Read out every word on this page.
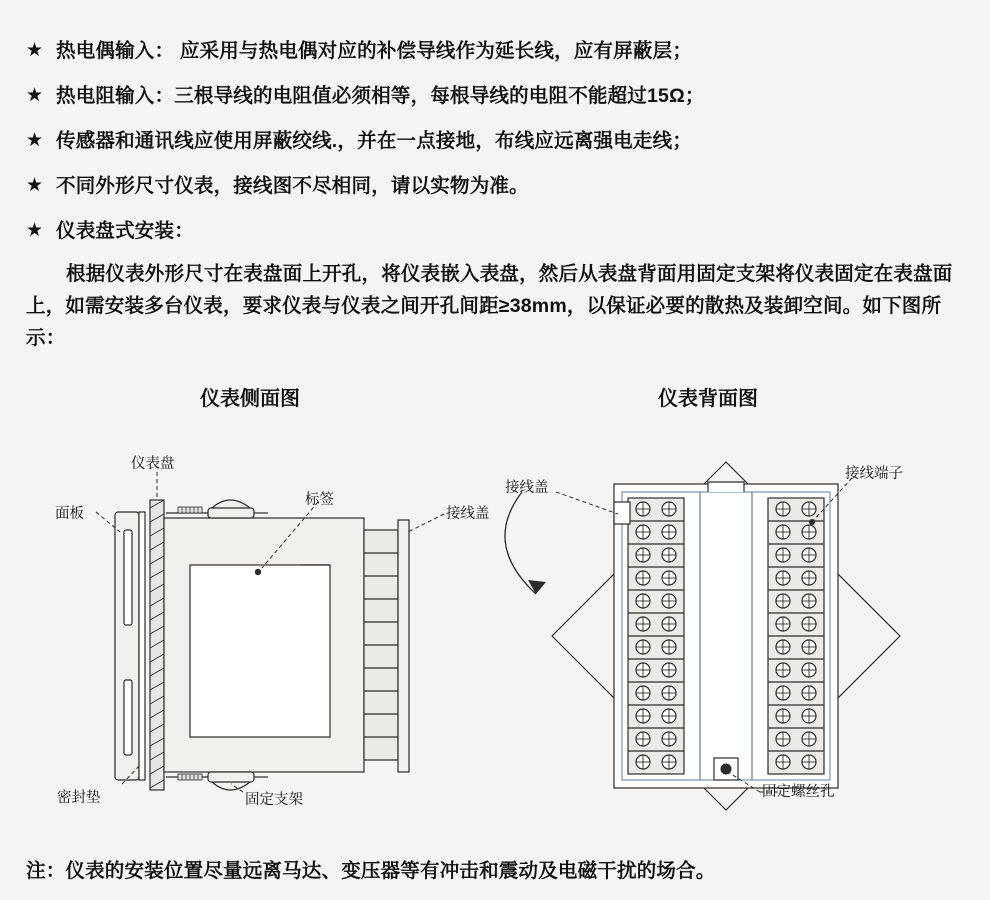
★ 热电偶输入： 应采用与热电偶对应的补偿导线作为延长线，应有屏蔽层；
★ 热电阻输入：三根导线的电阻值必须相等，每根导线的电阻不能超过15Ω；
★ 传感器和通讯线应使用屏蔽绞线.，并在一点接地，布线应远离强电走线；
★ 不同外形尺寸仪表，接线图不尽相同，请以实物为准。
★ 仪表盘式安装：
根据仪表外形尺寸在表盘面上开孔，将仪表嵌入表盘，然后从表盘背面用固定支架将仪表固定在表盘面上，如需安装多台仪表，要求仪表与仪表之间开孔间距≥38mm，以保证必要的散热及装卸空间。如下图所示：
仪表侧面图	仪表背面图
仪表盘
面板
标签
接线盖
密封垫	固定支架
接线盖
接线端子
固定螺丝孔
注：仪表的安装位置尽量远离马达、变压器等有冲击和震动及电磁干扰的场合。
